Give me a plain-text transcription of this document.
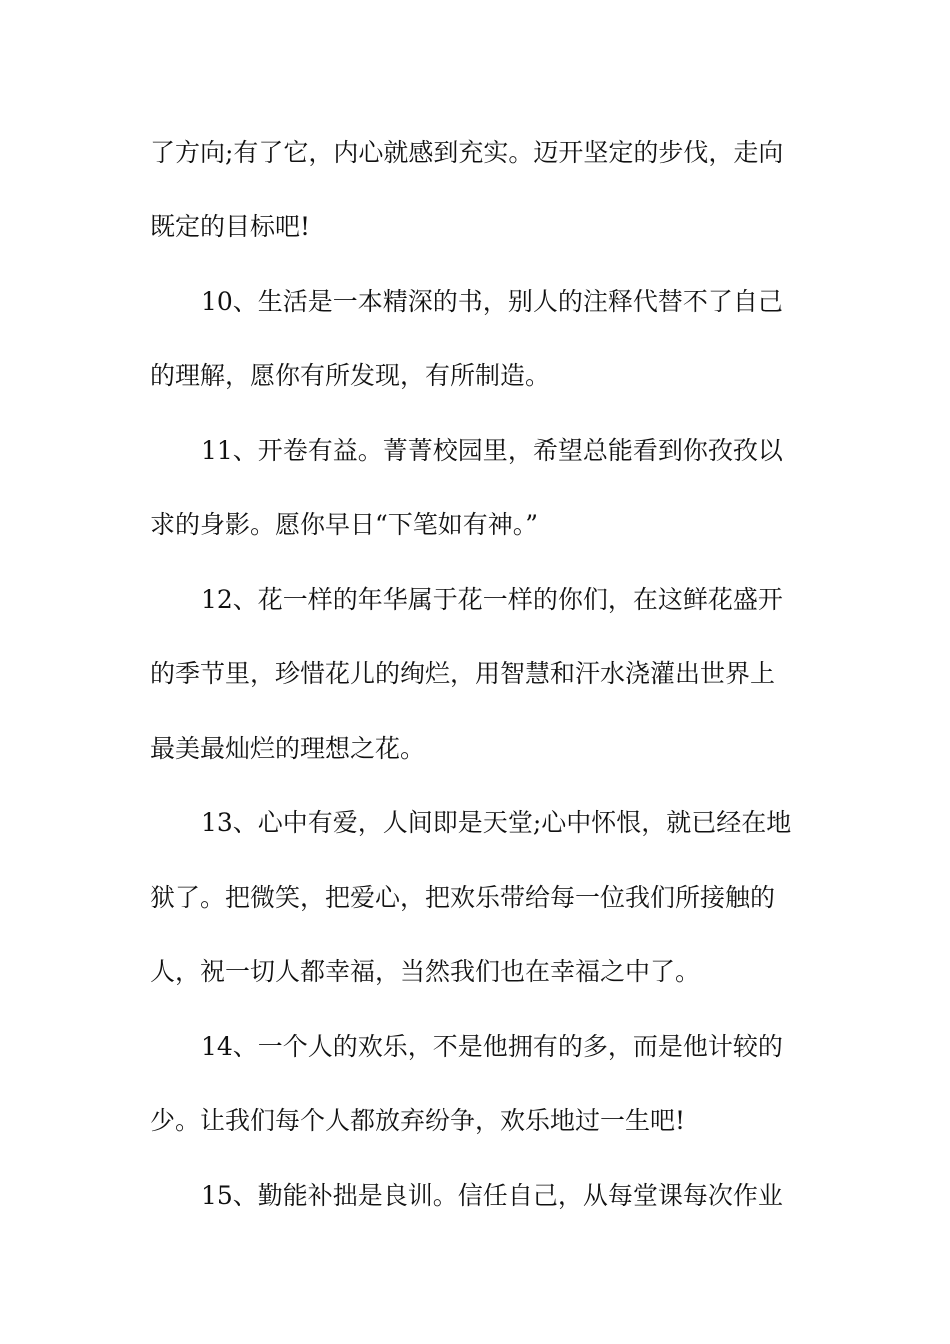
了方向;有了它，内心就感到充实。迈开坚定的步伐，走向
既定的目标吧!
10、生活是一本精深的书，别人的注释代替不了自己
的理解，愿你有所发现，有所制造。
11、开卷有益。菁菁校园里，希望总能看到你孜孜以
求的身影。愿你早日“下笔如有神。”
12、花一样的年华属于花一样的你们，在这鲜花盛开
的季节里，珍惜花儿的绚烂，用智慧和汗水浇灌出世界上
最美最灿烂的理想之花。
13、心中有爱，人间即是天堂;心中怀恨，就已经在地
狱了。把微笑，把爱心，把欢乐带给每一位我们所接触的
人，祝一切人都幸福，当然我们也在幸福之中了。
14、一个人的欢乐，不是他拥有的多，而是他计较的
少。让我们每个人都放弃纷争，欢乐地过一生吧!
15、勤能补拙是良训。信任自己，从每堂课每次作业
